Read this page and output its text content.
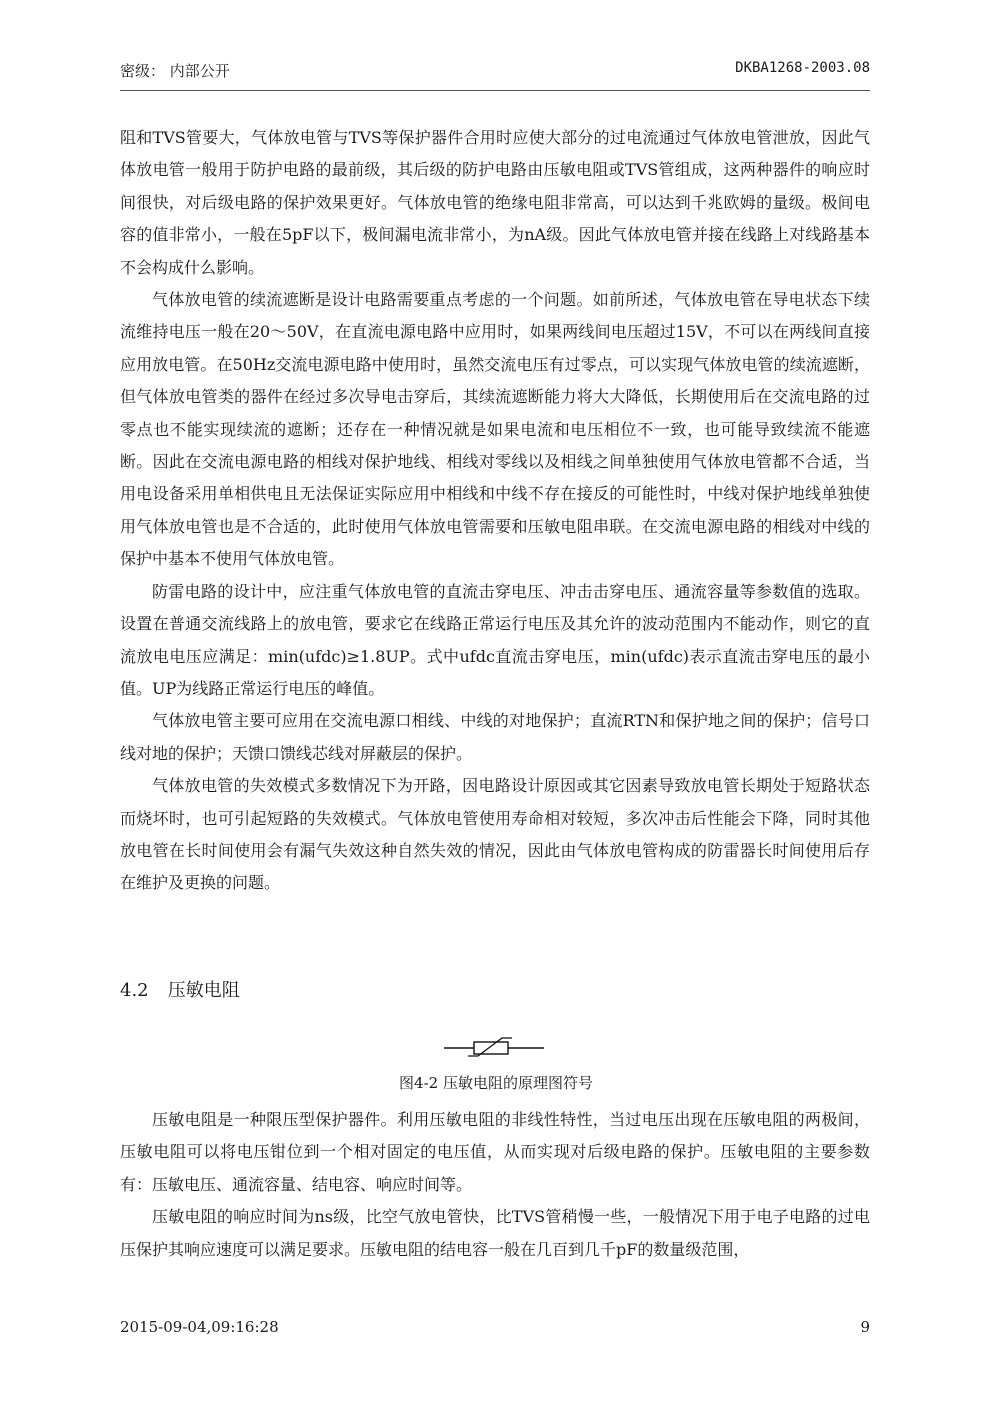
密级： 内部公开	DKBA1268-2003.08

阻和TVS管要大，气体放电管与TVS等保护器件合用时应使大部分的过电流通过气体放电管泄放，因此气体放电管一般用于防护电路的最前级，其后级的防护电路由压敏电阻或TVS管组成，这两种器件的响应时间很快，对后级电路的保护效果更好。气体放电管的绝缘电阻非常高，可以达到千兆欧姆的量级。极间电容的值非常小，一般在5pF以下，极间漏电流非常小，为nA级。因此气体放电管并接在线路上对线路基本不会构成什么影响。

气体放电管的续流遮断是设计电路需要重点考虑的一个问题。如前所述，气体放电管在导电状态下续流维持电压一般在20～50V，在直流电源电路中应用时，如果两线间电压超过15V，不可以在两线间直接应用放电管。在50Hz交流电源电路中使用时，虽然交流电压有过零点，可以实现气体放电管的续流遮断，但气体放电管类的器件在经过多次导电击穿后，其续流遮断能力将大大降低，长期使用后在交流电路的过零点也不能实现续流的遮断；还存在一种情况就是如果电流和电压相位不一致，也可能导致续流不能遮断。因此在交流电源电路的相线对保护地线、相线对零线以及相线之间单独使用气体放电管都不合适，当用电设备采用单相供电且无法保证实际应用中相线和中线不存在接反的可能性时，中线对保护地线单独使用气体放电管也是不合适的，此时使用气体放电管需要和压敏电阻串联。在交流电源电路的相线对中线的保护中基本不使用气体放电管。

防雷电路的设计中，应注重气体放电管的直流击穿电压、冲击击穿电压、通流容量等参数值的选取。设置在普通交流线路上的放电管，要求它在线路正常运行电压及其允许的波动范围内不能动作，则它的直流放电电压应满足：min(ufdc)≥1.8UP。式中ufdc直流击穿电压，min(ufdc)表示直流击穿电压的最小值。UP为线路正常运行电压的峰值。

气体放电管主要可应用在交流电源口相线、中线的对地保护；直流RTN和保护地之间的保护；信号口线对地的保护；天馈口馈线芯线对屏蔽层的保护。

气体放电管的失效模式多数情况下为开路，因电路设计原因或其它因素导致放电管长期处于短路状态而烧坏时，也可引起短路的失效模式。气体放电管使用寿命相对较短，多次冲击后性能会下降，同时其他放电管在长时间使用会有漏气失效这种自然失效的情况，因此由气体放电管构成的防雷器长时间使用后存在维护及更换的问题。

4.2 压敏电阻
图4-2 压敏电阻的原理图符号

压敏电阻是一种限压型保护器件。利用压敏电阻的非线性特性，当过电压出现在压敏电阻的两极间，压敏电阻可以将电压钳位到一个相对固定的电压值，从而实现对后级电路的保护。压敏电阻的主要参数有：压敏电压、通流容量、结电容、响应时间等。

压敏电阻的响应时间为ns级，比空气放电管快，比TVS管稍慢一些，一般情况下用于电子电路的过电压保护其响应速度可以满足要求。压敏电阻的结电容一般在几百到几千pF的数量级范围，

2015-09-04,09:16:28	9
